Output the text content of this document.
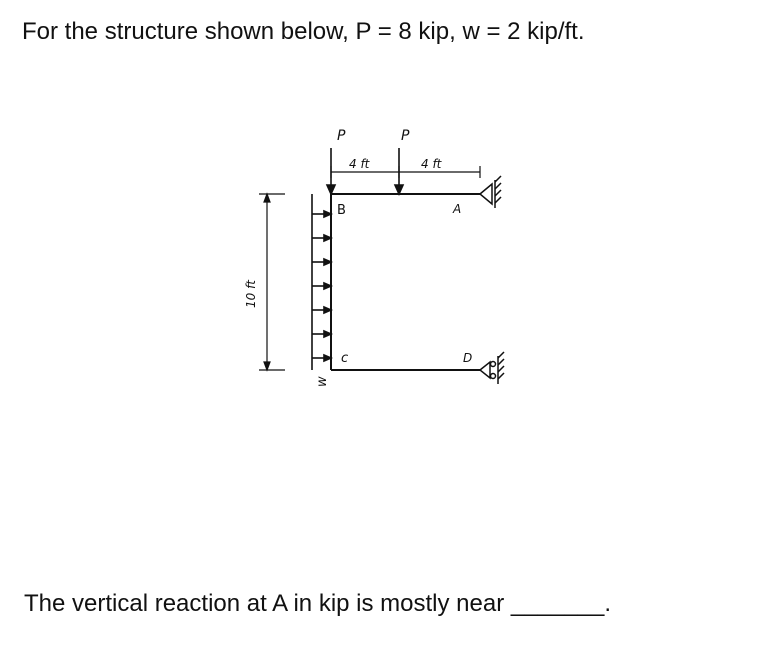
For the structure shown below, P = 8 kip, w = 2 kip/ft.

w
P	P
4 ft	4 ft
10 ft
B	A
c	D

The vertical reaction at A in kip is mostly near _______.
